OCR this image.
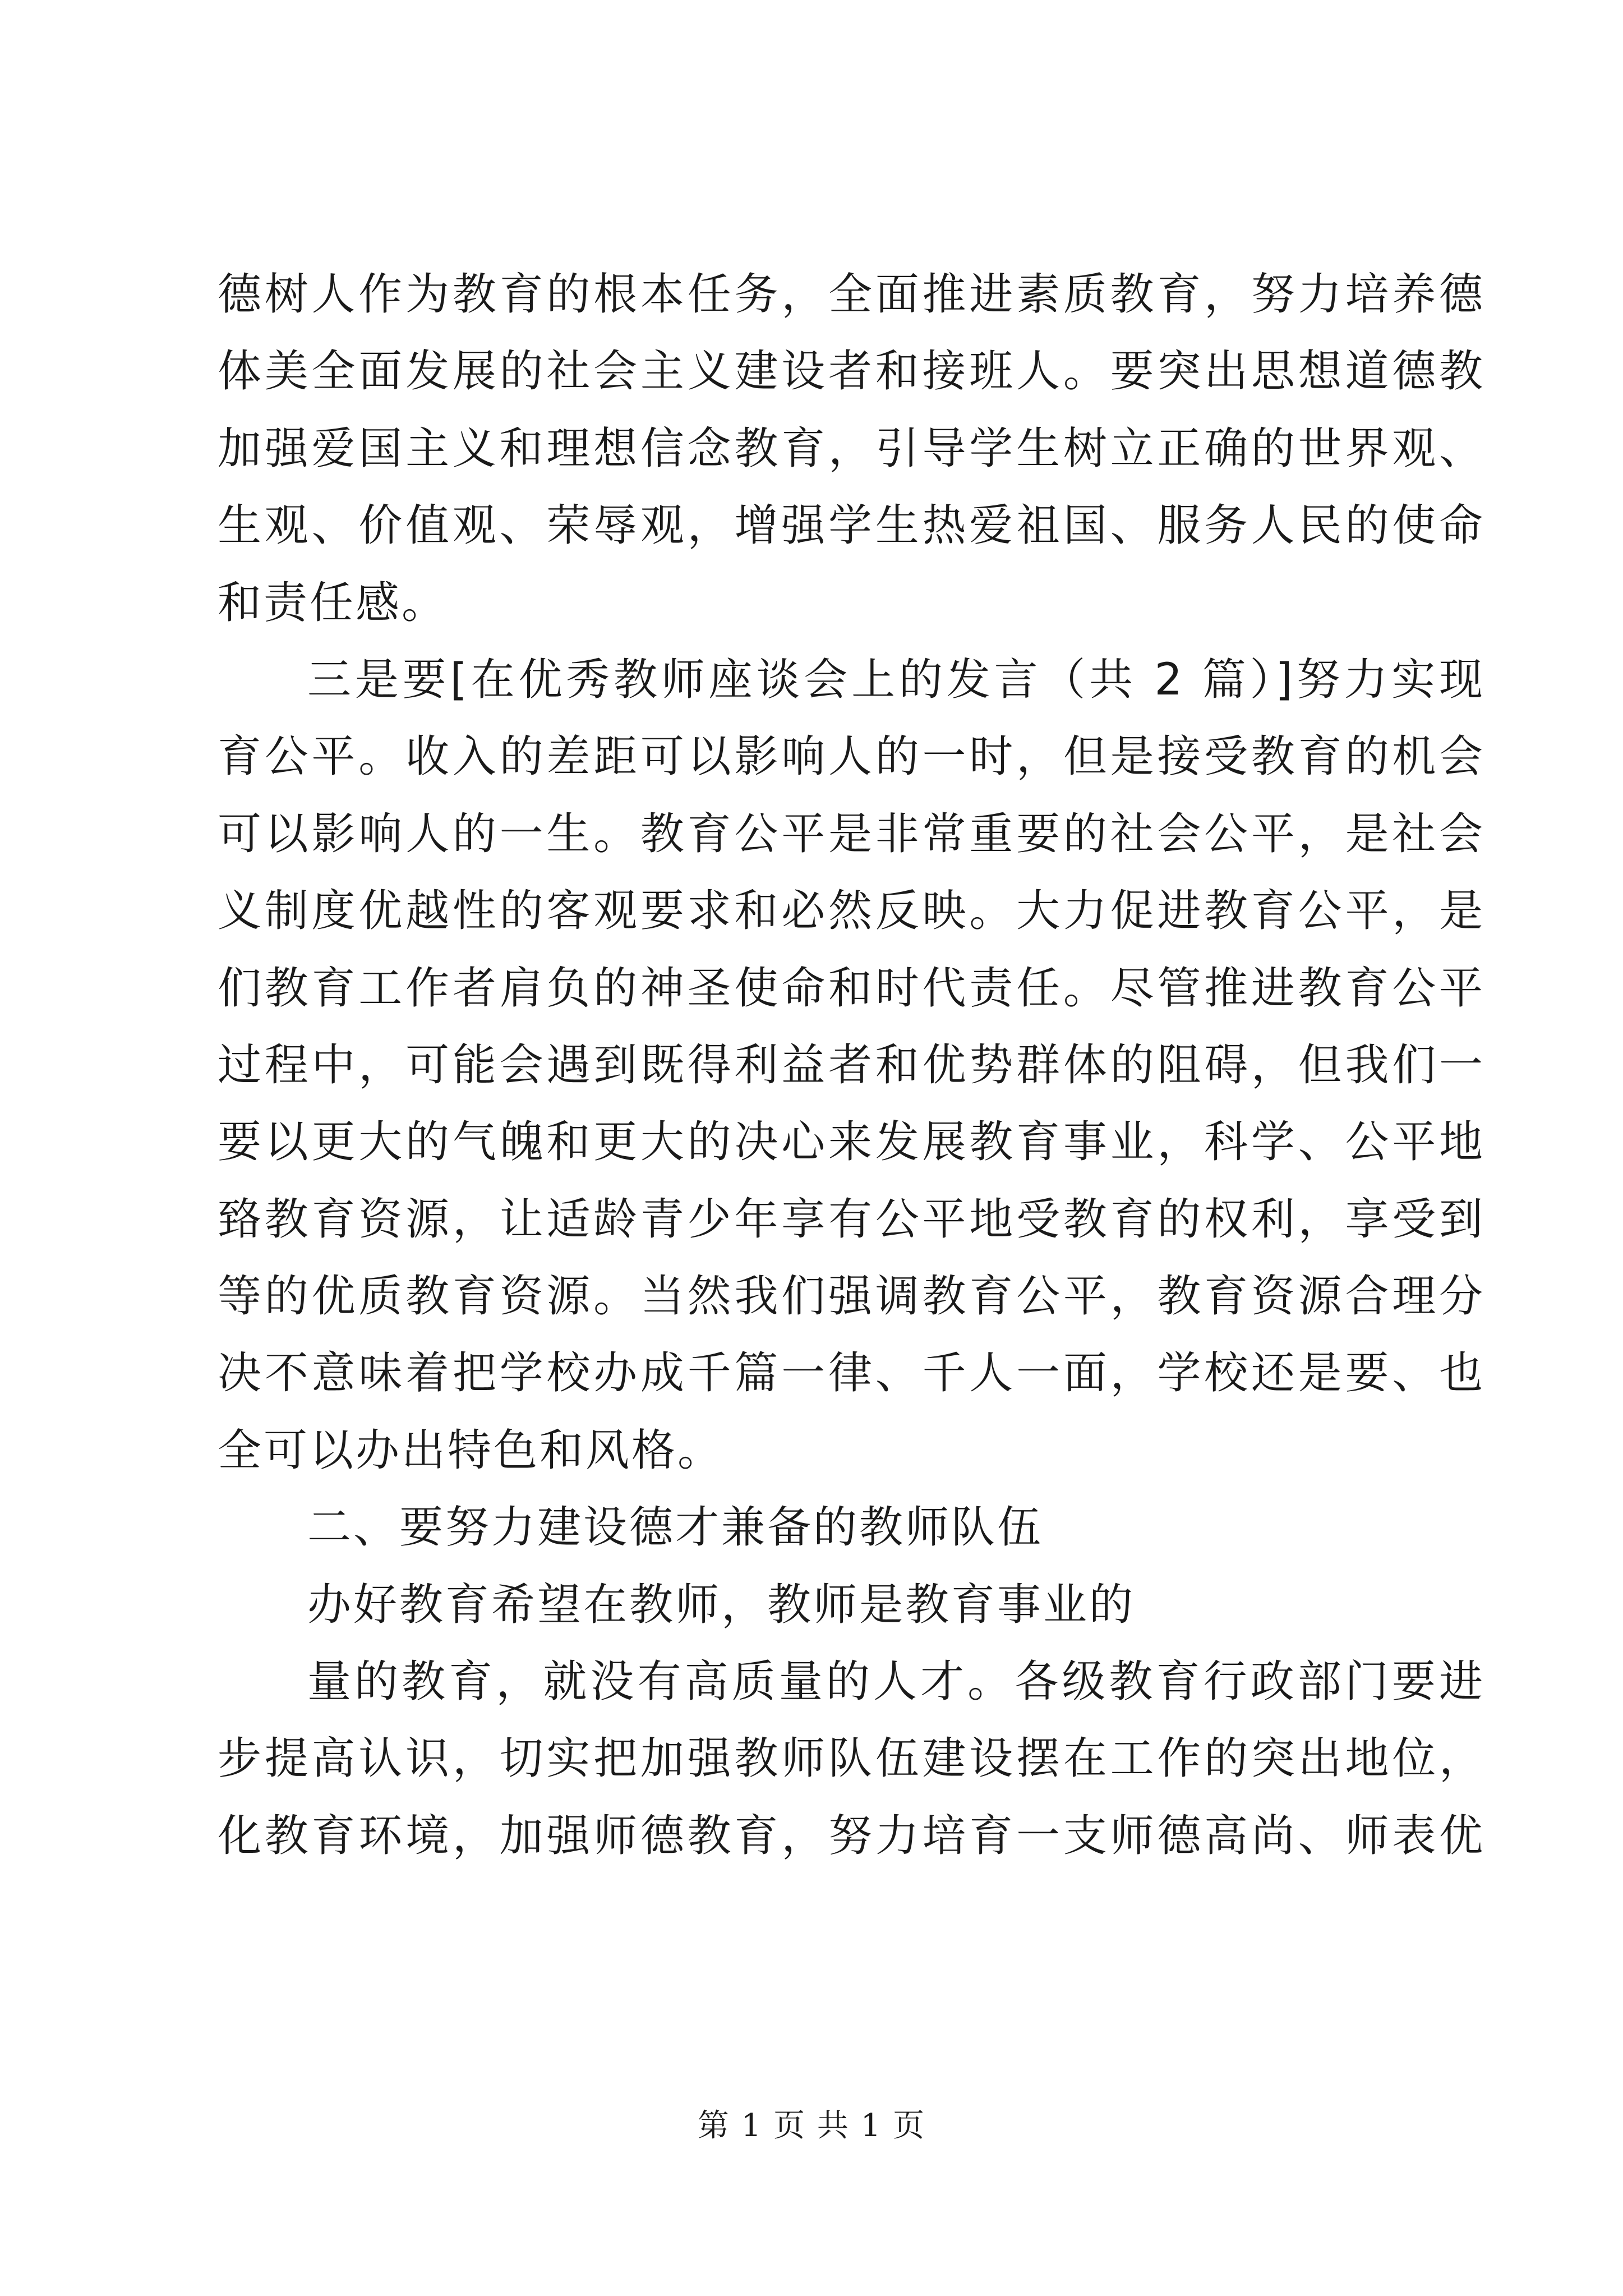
德树人作为教育的根本任务，全面推进素质教育，努力培养德
体美全面发展的社会主义建设者和接班人。要突出思想道德教
加强爱国主义和理想信念教育，引导学生树立正确的世界观、
生观、价值观、荣辱观，增强学生热爱祖国、服务人民的使命
和责任感。
三是要[在优秀教师座谈会上的发言（共 2 篇）]努力实现
育公平。收入的差距可以影响人的一时，但是接受教育的机会
可以影响人的一生。教育公平是非常重要的社会公平，是社会
义制度优越性的客观要求和必然反映。大力促进教育公平，是
们教育工作者肩负的神圣使命和时代责任。尽管推进教育公平
过程中，可能会遇到既得利益者和优势群体的阻碍，但我们一
要以更大的气魄和更大的决心来发展教育事业，科学、公平地
臵教育资源，让适龄青少年享有公平地受教育的权利，享受到
等的优质教育资源。当然我们强调教育公平，教育资源合理分
决不意味着把学校办成千篇一律、千人一面，学校还是要、也
全可以办出特色和风格。
二、要努力建设德才兼备的教师队伍
办好教育希望在教师，教师是教育事业的
量的教育，就没有高质量的人才。各级教育行政部门要进
步提高认识，切实把加强教师队伍建设摆在工作的突出地位，
化教育环境，加强师德教育，努力培育一支师德高尚、师表优
第 1 页 共 1 页
